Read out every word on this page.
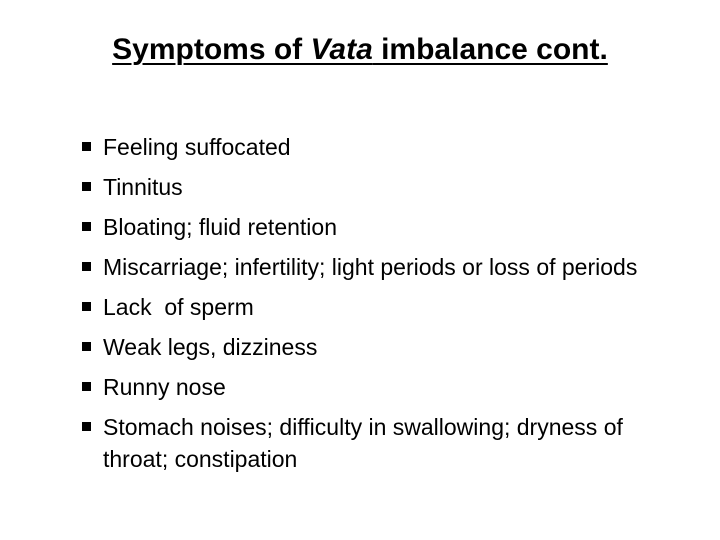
Symptoms of Vata imbalance cont.
Feeling suffocated
Tinnitus
Bloating; fluid retention
Miscarriage; infertility; light periods or loss of periods
Lack  of sperm
Weak legs, dizziness
Runny nose
Stomach noises; difficulty in swallowing; dryness of throat; constipation
